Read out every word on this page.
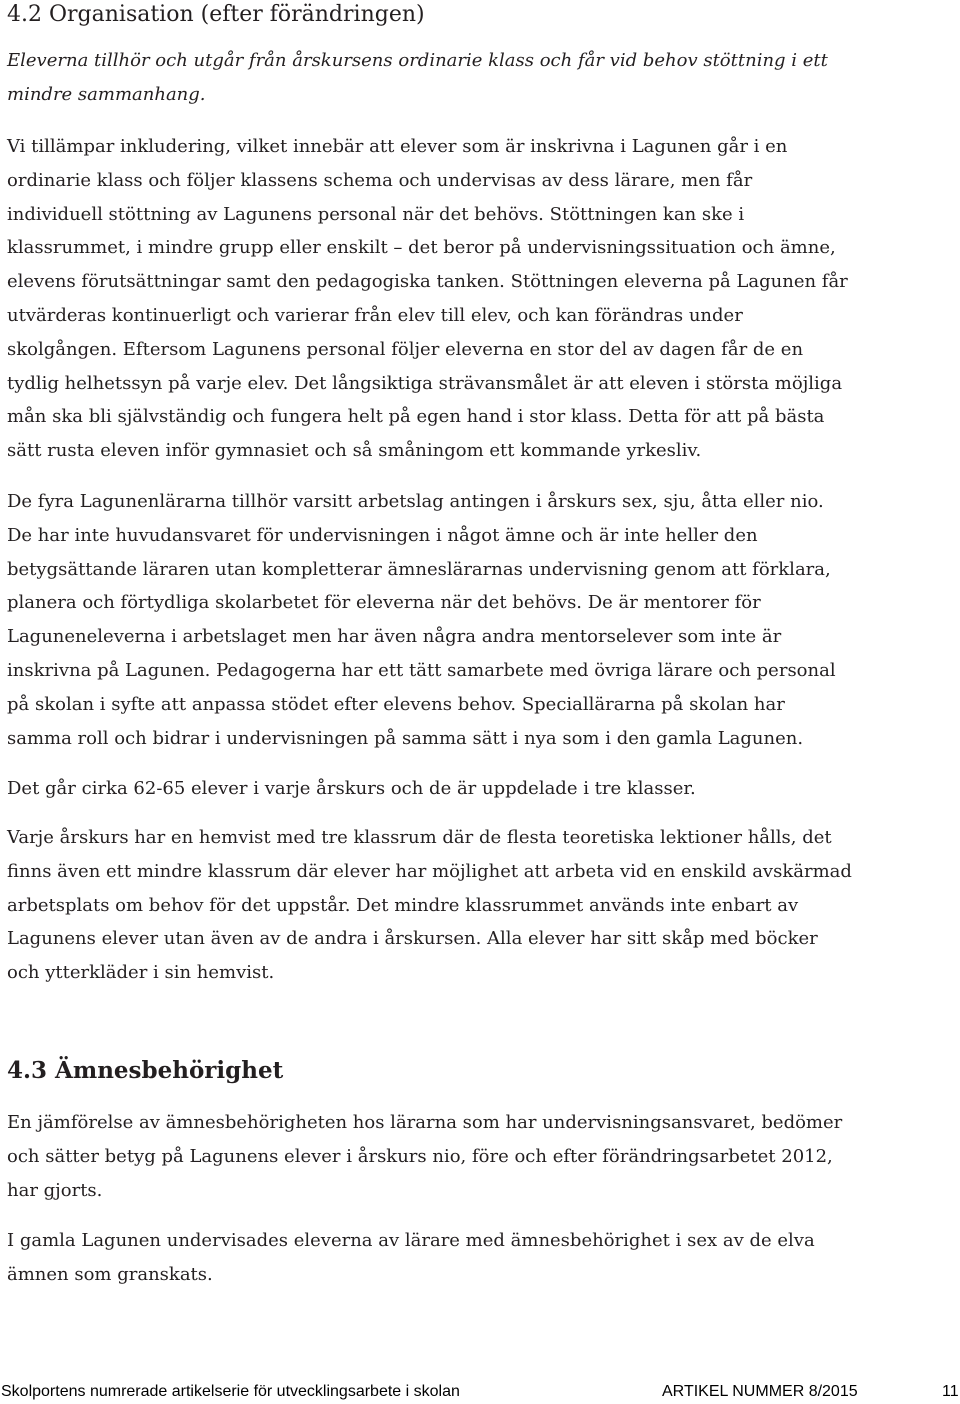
4.2 Organisation (efter förändringen)

Eleverna tillhör och utgår från årskursens ordinarie klass och får vid behov stöttning i ett mindre sammanhang.

Vi tillämpar inkludering, vilket innebär att elever som är inskrivna i Lagunen går i en ordinarie klass och följer klassens schema och undervisas av dess lärare, men får individuell stöttning av Lagunens personal när det behövs. Stöttningen kan ske i klassrummet, i mindre grupp eller enskilt – det beror på undervisningssituation och ämne, elevens förutsättningar samt den pedagogiska tanken. Stöttningen eleverna på Lagunen får utvärderas kontinuerligt och varierar från elev till elev, och kan förändras under skolgången. Eftersom Lagunens personal följer eleverna en stor del av dagen får de en tydlig helhetssyn på varje elev. Det långsiktiga strävansmålet är att eleven i största möjliga mån ska bli självständig och fungera helt på egen hand i stor klass. Detta för att på bästa sätt rusta eleven inför gymnasiet och så småningom ett kommande yrkesliv.

De fyra Lagunenlärarna tillhör varsitt arbetslag antingen i årskurs sex, sju, åtta eller nio. De har inte huvudansvaret för undervisningen i något ämne och är inte heller den betygsättande läraren utan kompletterar ämneslärarnas undervisning genom att förklara, planera och förtydliga skolarbetet för eleverna när det behövs. De är mentorer för Laguneneleverna i arbetslaget men har även några andra mentorselever som inte är inskrivna på Lagunen. Pedagogerna har ett tätt samarbete med övriga lärare och personal på skolan i syfte att anpassa stödet efter elevens behov. Speciallärarna på skolan har samma roll och bidrar i undervisningen på samma sätt i nya som i den gamla Lagunen.

Det går cirka 62-65 elever i varje årskurs och de är uppdelade i tre klasser.

Varje årskurs har en hemvist med tre klassrum där de flesta teoretiska lektioner hålls, det finns även ett mindre klassrum där elever har möjlighet att arbeta vid en enskild avskärmad arbetsplats om behov för det uppstår. Det mindre klassrummet används inte enbart av Lagunens elever utan även av de andra i årskursen. Alla elever har sitt skåp med böcker och ytterkläder i sin hemvist.

4.3 Ämnesbehörighet

En jämförelse av ämnesbehörigheten hos lärarna som har undervisningsansvaret, bedömer och sätter betyg på Lagunens elever i årskurs nio, före och efter förändringsarbetet 2012, har gjorts.

I gamla Lagunen undervisades eleverna av lärare med ämnesbehörighet i sex av de elva ämnen som granskats.

Skolportens numrerade artikelserie för utvecklingsarbete i skolan	ARTIKEL NUMMER 8/2015	11
